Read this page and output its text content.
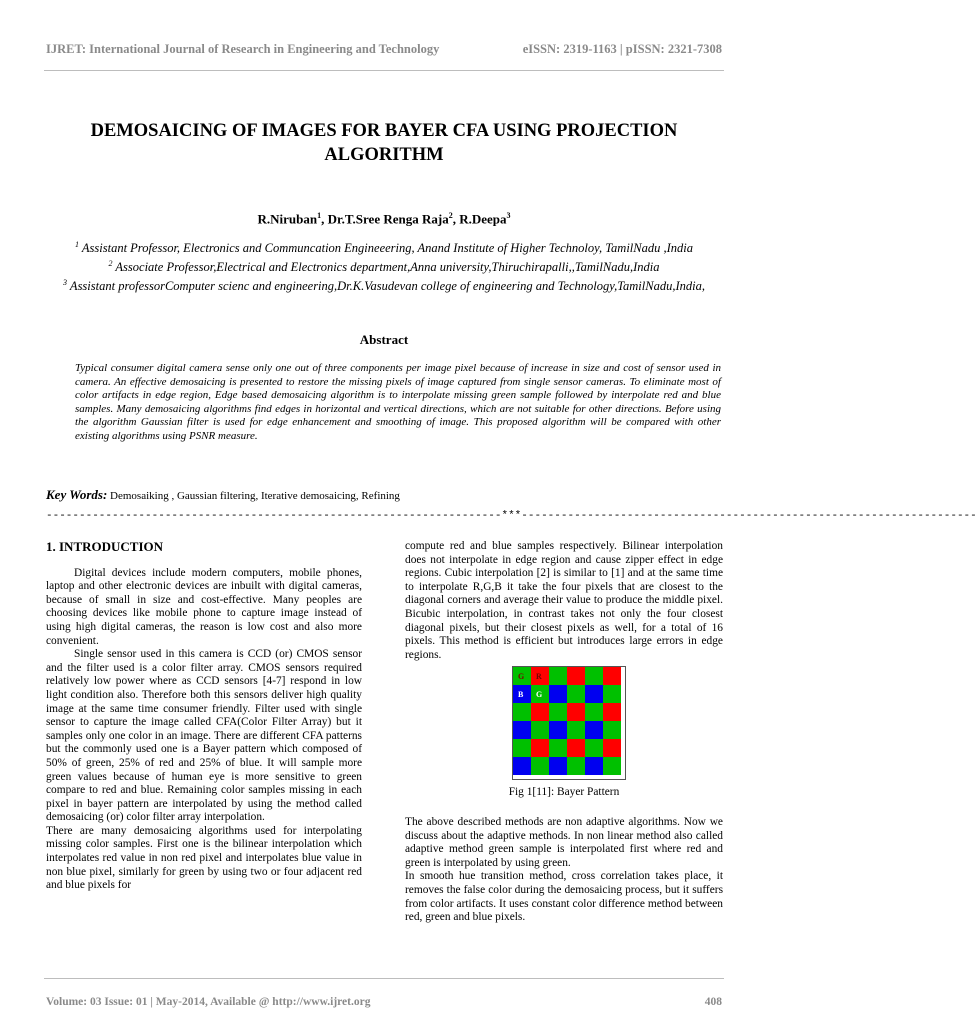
IJRET: International Journal of Research in Engineering and Technology	eISSN: 2319-1163 | pISSN: 2321-7308
DEMOSAICING OF IMAGES FOR BAYER CFA USING PROJECTION
ALGORITHM
R.Niruban$^1$, Dr.T.Sree Renga Raja$^2$, R.Deepa$^3$

$^1$ Assistant Professor, Electronics and Communcation Engineeering, Anand Institute of Higher Technoloy, TamilNadu ,India

$^2$ Associate Professor,Electrical and Electronics department,Anna university,Thiruchirapalli,,TamilNadu,India

$^3$ Assistant professorComputer scienc and engineering,Dr.K.Vasudevan college of engineering and Technology,TamilNadu,India,

Abstract

Typical consumer digital camera sense only one out of three components per image pixel because of increase in size and cost of sensor used in camera. An effective demosaicing is presented to restore the missing pixels of image captured from single sensor cameras. To eliminate most of color artifacts in edge region, Edge based demosaicing algorithm is to interpolate missing green sample followed by interpolate red and blue samples. Many demosaicing algorithms find edges in horizontal and vertical directions, which are not suitable for other directions. Before using the algorithm Gaussian filter is used for edge enhancement and smoothing of image. This proposed algorithm will be compared with other existing algorithms using PSNR measure.

Key Words: Demosaiking , Gaussian filtering, Iterative demosaicing, Refining
---------------------------------------------------------------------***---------------------------------------------------------------------
1. INTRODUCTION

Digital devices include modern computers, mobile phones, laptop and other electronic devices are inbuilt with digital cameras, because of small in size and cost-effective. Many peoples are choosing devices like mobile phone to capture image instead of using high digital cameras, the reason is low cost and also more convenient.

Single sensor used in this camera is CCD (or) CMOS sensor and the filter used is a color filter array. CMOS sensors required relatively low power where as CCD sensors [4-7] respond in low light condition also. Therefore both this sensors deliver high quality image at the same time consumer friendly. Filter used with single sensor to capture the image called CFA(Color Filter Array) but it samples only one color in an image. There are different CFA patterns but the commonly used one is a Bayer pattern which composed of 50% of green, 25% of red and 25% of blue. It will sample more green values because of human eye is more sensitive to green compare to red and blue. Remaining color samples missing in each pixel in bayer pattern are interpolated by using the method called demosaicing (or) color filter array interpolation.

There are many demosaicing algorithms used for interpolating missing color samples. First one is the bilinear interpolation which interpolates red value in non red pixel and interpolates blue value in non blue pixel, similarly for green by using two or four adjacent red and blue pixels for

compute red and blue samples respectively. Bilinear interpolation does not interpolate in edge region and cause zipper effect in edge regions. Cubic interpolation [2] is similar to [1] and at the same time to interpolate R,G,B it take the four pixels that are closest to the diagonal corners and average their value to produce the middle pixel. Bicubic interpolation, in contrast takes not only the four closest diagonal pixels, but their closest pixels as well, for a total of 16 pixels. This method is efficient but introduces large errors in edge regions.

G R
B G
Fig 1[11]: Bayer Pattern

The above described methods are non adaptive algorithms. Now we discuss about the adaptive methods. In non linear method also called adaptive method green sample is interpolated first where red and green is interpolated by using green.

In smooth hue transition method, cross correlation takes place, it removes the false color during the demosaicing process, but it suffers from color artifacts. It uses constant color difference method between red, green and blue pixels.

Volume: 03 Issue: 01 | May-2014, Available @ http://www.ijret.org	408
